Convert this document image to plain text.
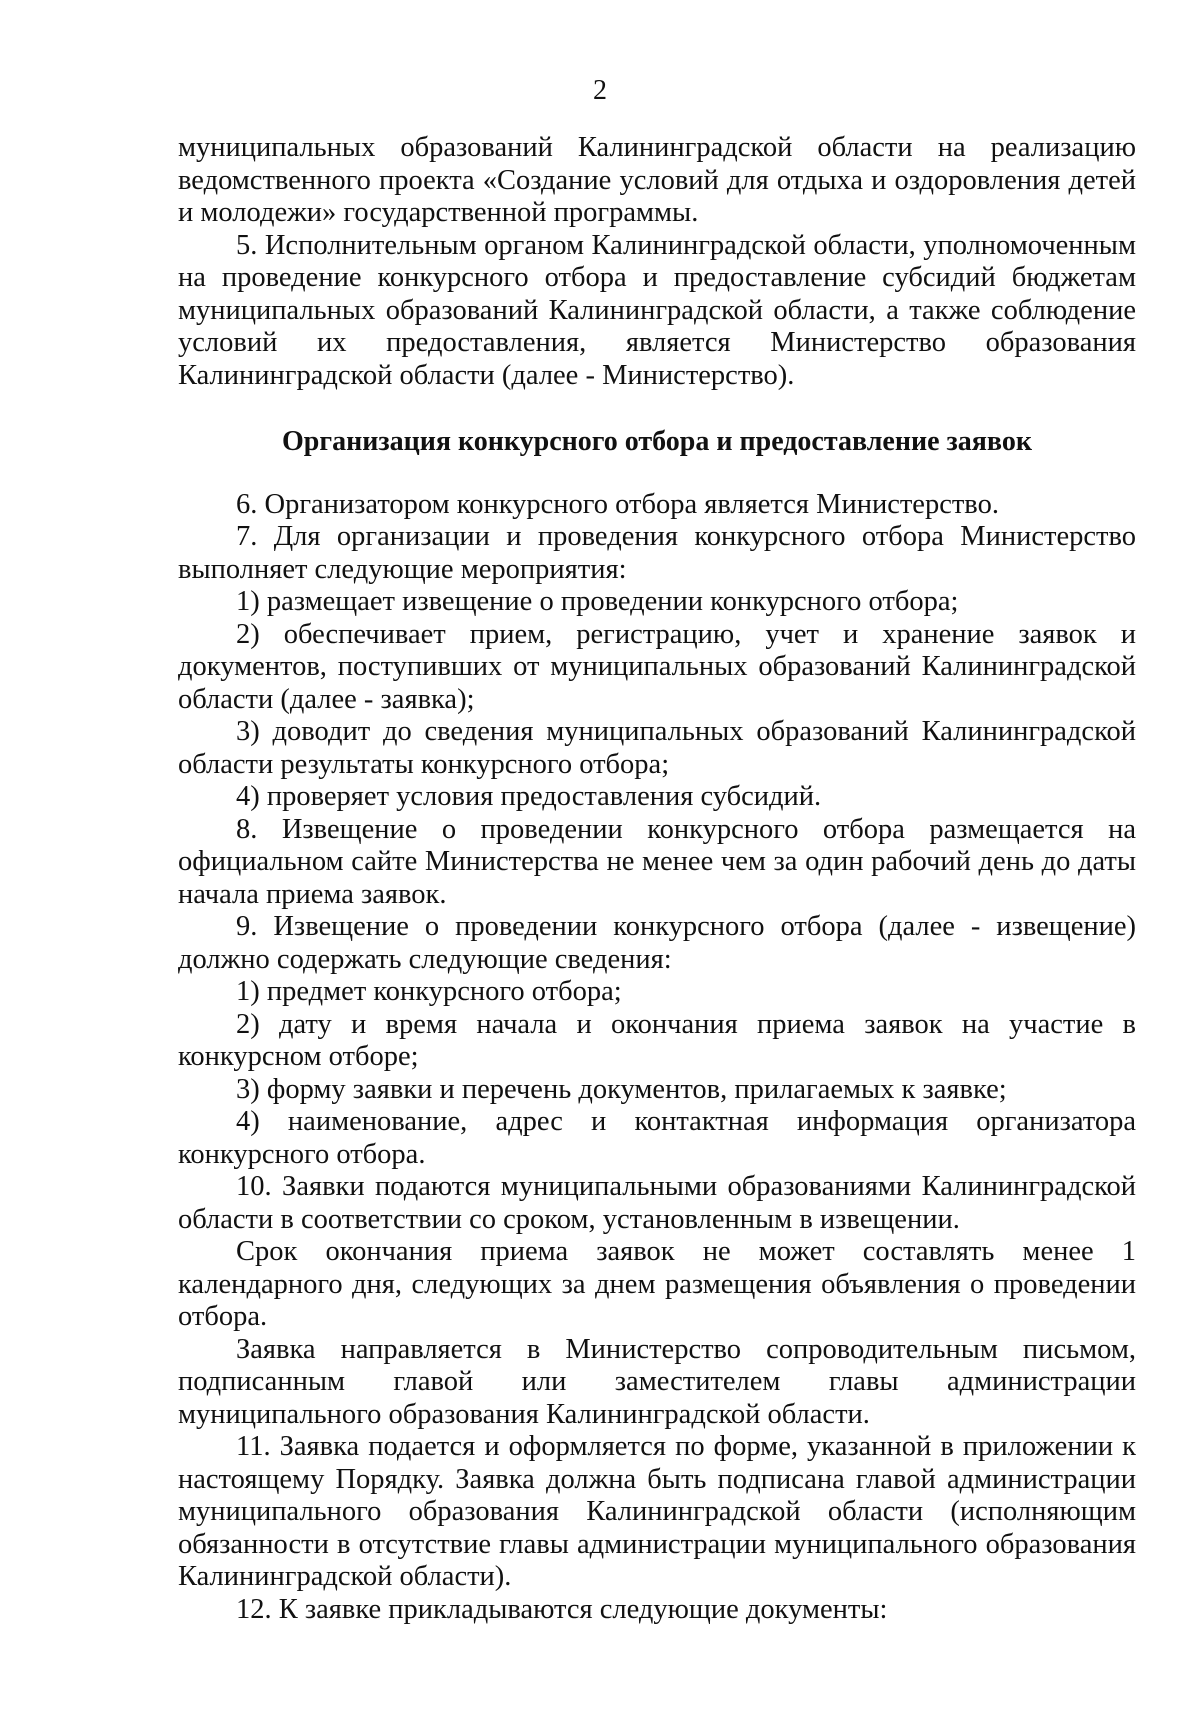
2

муниципальных образований Калининградской области на реализацию ведомственного проекта «Создание условий для отдыха и оздоровления детей и молодежи» государственной программы.

5. Исполнительным органом Калининградской области, уполномоченным на проведение конкурсного отбора и предоставление субсидий бюджетам муниципальных образований Калининградской области, а также соблюдение условий их предоставления, является Министерство образования Калининградской области (далее - Министерство).

Организация конкурсного отбора и предоставление заявок

6. Организатором конкурсного отбора является Министерство.

7. Для организации и проведения конкурсного отбора Министерство выполняет следующие мероприятия:

1) размещает извещение о проведении конкурсного отбора;

2) обеспечивает прием, регистрацию, учет и хранение заявок и документов, поступивших от муниципальных образований Калининградской области (далее - заявка);

3) доводит до сведения муниципальных образований Калининградской области результаты конкурсного отбора;

4) проверяет условия предоставления субсидий.

8. Извещение о проведении конкурсного отбора размещается на официальном сайте Министерства не менее чем за один рабочий день до даты начала приема заявок.

9. Извещение о проведении конкурсного отбора (далее - извещение) должно содержать следующие сведения:

1) предмет конкурсного отбора;

2) дату и время начала и окончания приема заявок на участие в конкурсном отборе;

3) форму заявки и перечень документов, прилагаемых к заявке;

4) наименование, адрес и контактная информация организатора конкурсного отбора.

10. Заявки подаются муниципальными образованиями Калининградской области в соответствии со сроком, установленным в извещении.

Срок окончания приема заявок не может составлять менее 1 календарного дня, следующих за днем размещения объявления о проведении отбора.

Заявка направляется в Министерство сопроводительным письмом, подписанным главой или заместителем главы администрации муниципального образования Калининградской области.

11. Заявка подается и оформляется по форме, указанной в приложении к настоящему Порядку. Заявка должна быть подписана главой администрации муниципального образования Калининградской области (исполняющим обязанности в отсутствие главы администрации муниципального образования Калининградской области).

12. К заявке прикладываются следующие документы:
